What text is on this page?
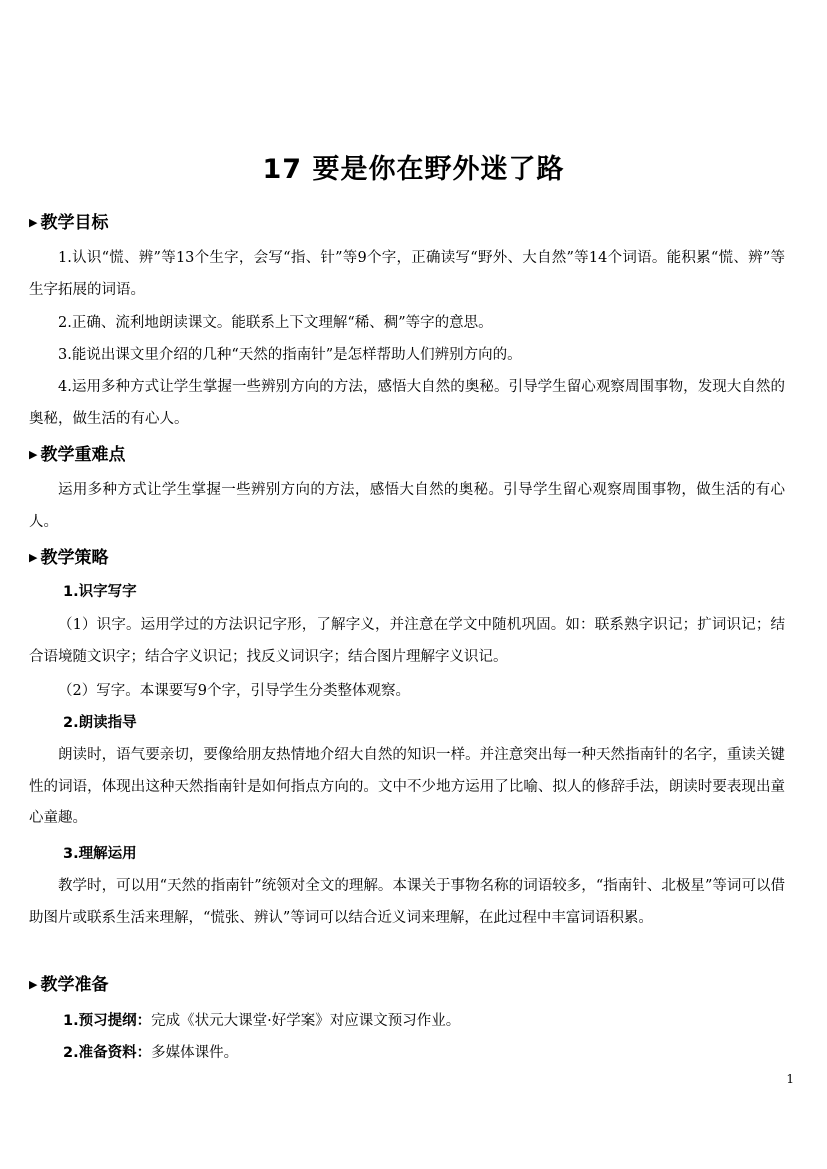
17 要是你在野外迷了路
▶ 教学目标

1.认识“慌、辨”等13个生字，会写“指、针”等9个字，正确读写“野外、大自然”等14个词语。能积累“慌、辨”等生字拓展的词语。

2.正确、流利地朗读课文。能联系上下文理解“稀、稠”等字的意思。

3.能说出课文里介绍的几种“天然的指南针”是怎样帮助人们辨别方向的。

4.运用多种方式让学生掌握一些辨别方向的方法，感悟大自然的奥秘。引导学生留心观察周围事物，发现大自然的奥秘，做生活的有心人。

▶ 教学重难点

运用多种方式让学生掌握一些辨别方向的方法，感悟大自然的奥秘。引导学生留心观察周围事物，做生活的有心人。

▶ 教学策略
1.识字写字

（1）识字。运用学过的方法识记字形，了解字义，并注意在学文中随机巩固。如：联系熟字识记；扩词识记；结合语境随文识字；结合字义识记；找反义词识字；结合图片理解字义识记。

（2）写字。本课要写9个字，引导学生分类整体观察。

2.朗读指导

朗读时，语气要亲切，要像给朋友热情地介绍大自然的知识一样。并注意突出每一种天然指南针的名字，重读关键性的词语，体现出这种天然指南针是如何指点方向的。文中不少地方运用了比喻、拟人的修辞手法，朗读时要表现出童心童趣。

3.理解运用

教学时，可以用“天然的指南针”统领对全文的理解。本课关于事物名称的词语较多，“指南针、北极星”等词可以借助图片或联系生活来理解，“慌张、辨认”等词可以结合近义词来理解，在此过程中丰富词语积累。

▶ 教学准备
1.预习提纲：完成《状元大课堂·好学案》对应课文预习作业。
2.准备资料：多媒体课件。
1
